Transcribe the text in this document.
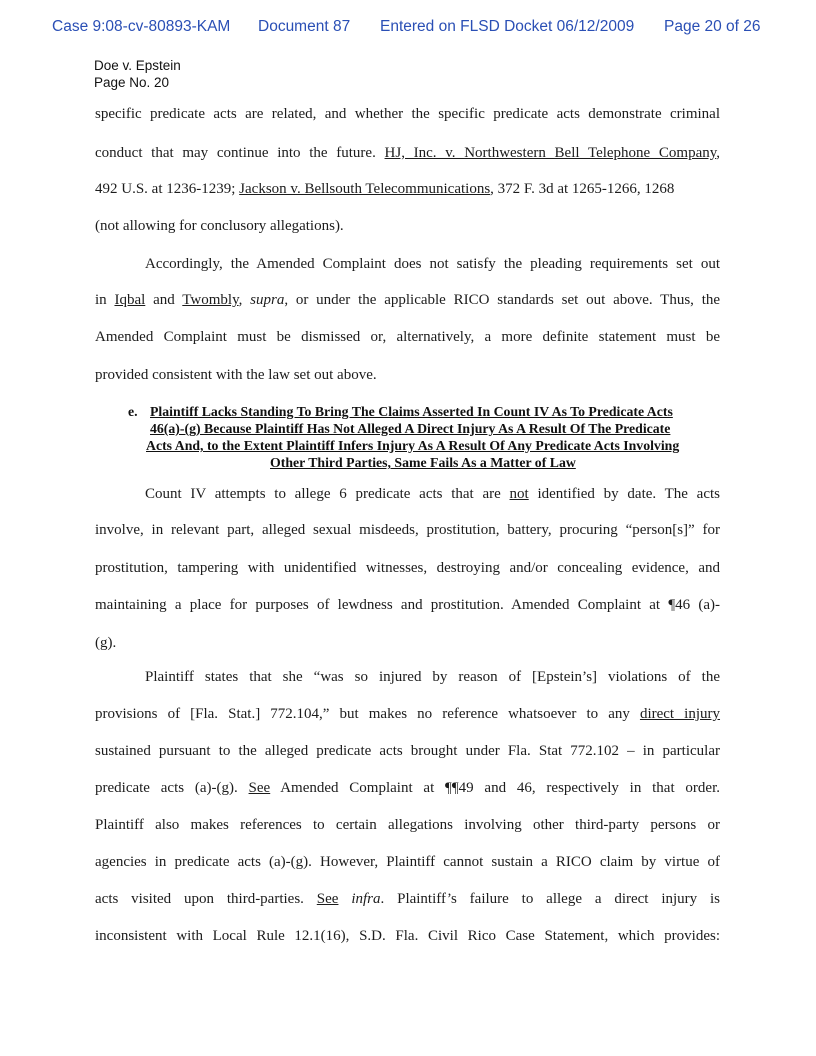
Case 9:08-cv-80893-KAM Document 87 Entered on FLSD Docket 06/12/2009 Page 20 of 26
Doe v. Epstein
Page No. 20
specific predicate acts are related, and whether the specific predicate acts demonstrate criminal
conduct that may continue into the future. HJ, Inc. v. Northwestern Bell Telephone Company,
492 U.S. at 1236-1239; Jackson v. Bellsouth Telecommunications, 372 F. 3d at 1265-1266, 1268
(not allowing for conclusory allegations).
Accordingly, the Amended Complaint does not satisfy the pleading requirements set out
in Iqbal and Twombly, supra, or under the applicable RICO standards set out above. Thus, the
Amended Complaint must be dismissed or, alternatively, a more definite statement must be
provided consistent with the law set out above.
e. Plaintiff Lacks Standing To Bring The Claims Asserted In Count IV As To Predicate Acts
46(a)-(g) Because Plaintiff Has Not Alleged A Direct Injury As A Result Of The Predicate
Acts And, to the Extent Plaintiff Infers Injury As A Result Of Any Predicate Acts Involving
Other Third Parties, Same Fails As a Matter of Law
Count IV attempts to allege 6 predicate acts that are not identified by date. The acts
involve, in relevant part, alleged sexual misdeeds, prostitution, battery, procuring “person[s]” for
prostitution, tampering with unidentified witnesses, destroying and/or concealing evidence, and
maintaining a place for purposes of lewdness and prostitution. Amended Complaint at ¶46 (a)-
(g).
Plaintiff states that she “was so injured by reason of [Epstein’s] violations of the
provisions of [Fla. Stat.] 772.104,” but makes no reference whatsoever to any direct injury
sustained pursuant to the alleged predicate acts brought under Fla. Stat 772.102 – in particular
predicate acts (a)-(g). See Amended Complaint at ¶¶49 and 46, respectively in that order.
Plaintiff also makes references to certain allegations involving other third-party persons or
agencies in predicate acts (a)-(g). However, Plaintiff cannot sustain a RICO claim by virtue of
acts visited upon third-parties. See infra. Plaintiff’s failure to allege a direct injury is
inconsistent with Local Rule 12.1(16), S.D. Fla. Civil Rico Case Statement, which provides:
